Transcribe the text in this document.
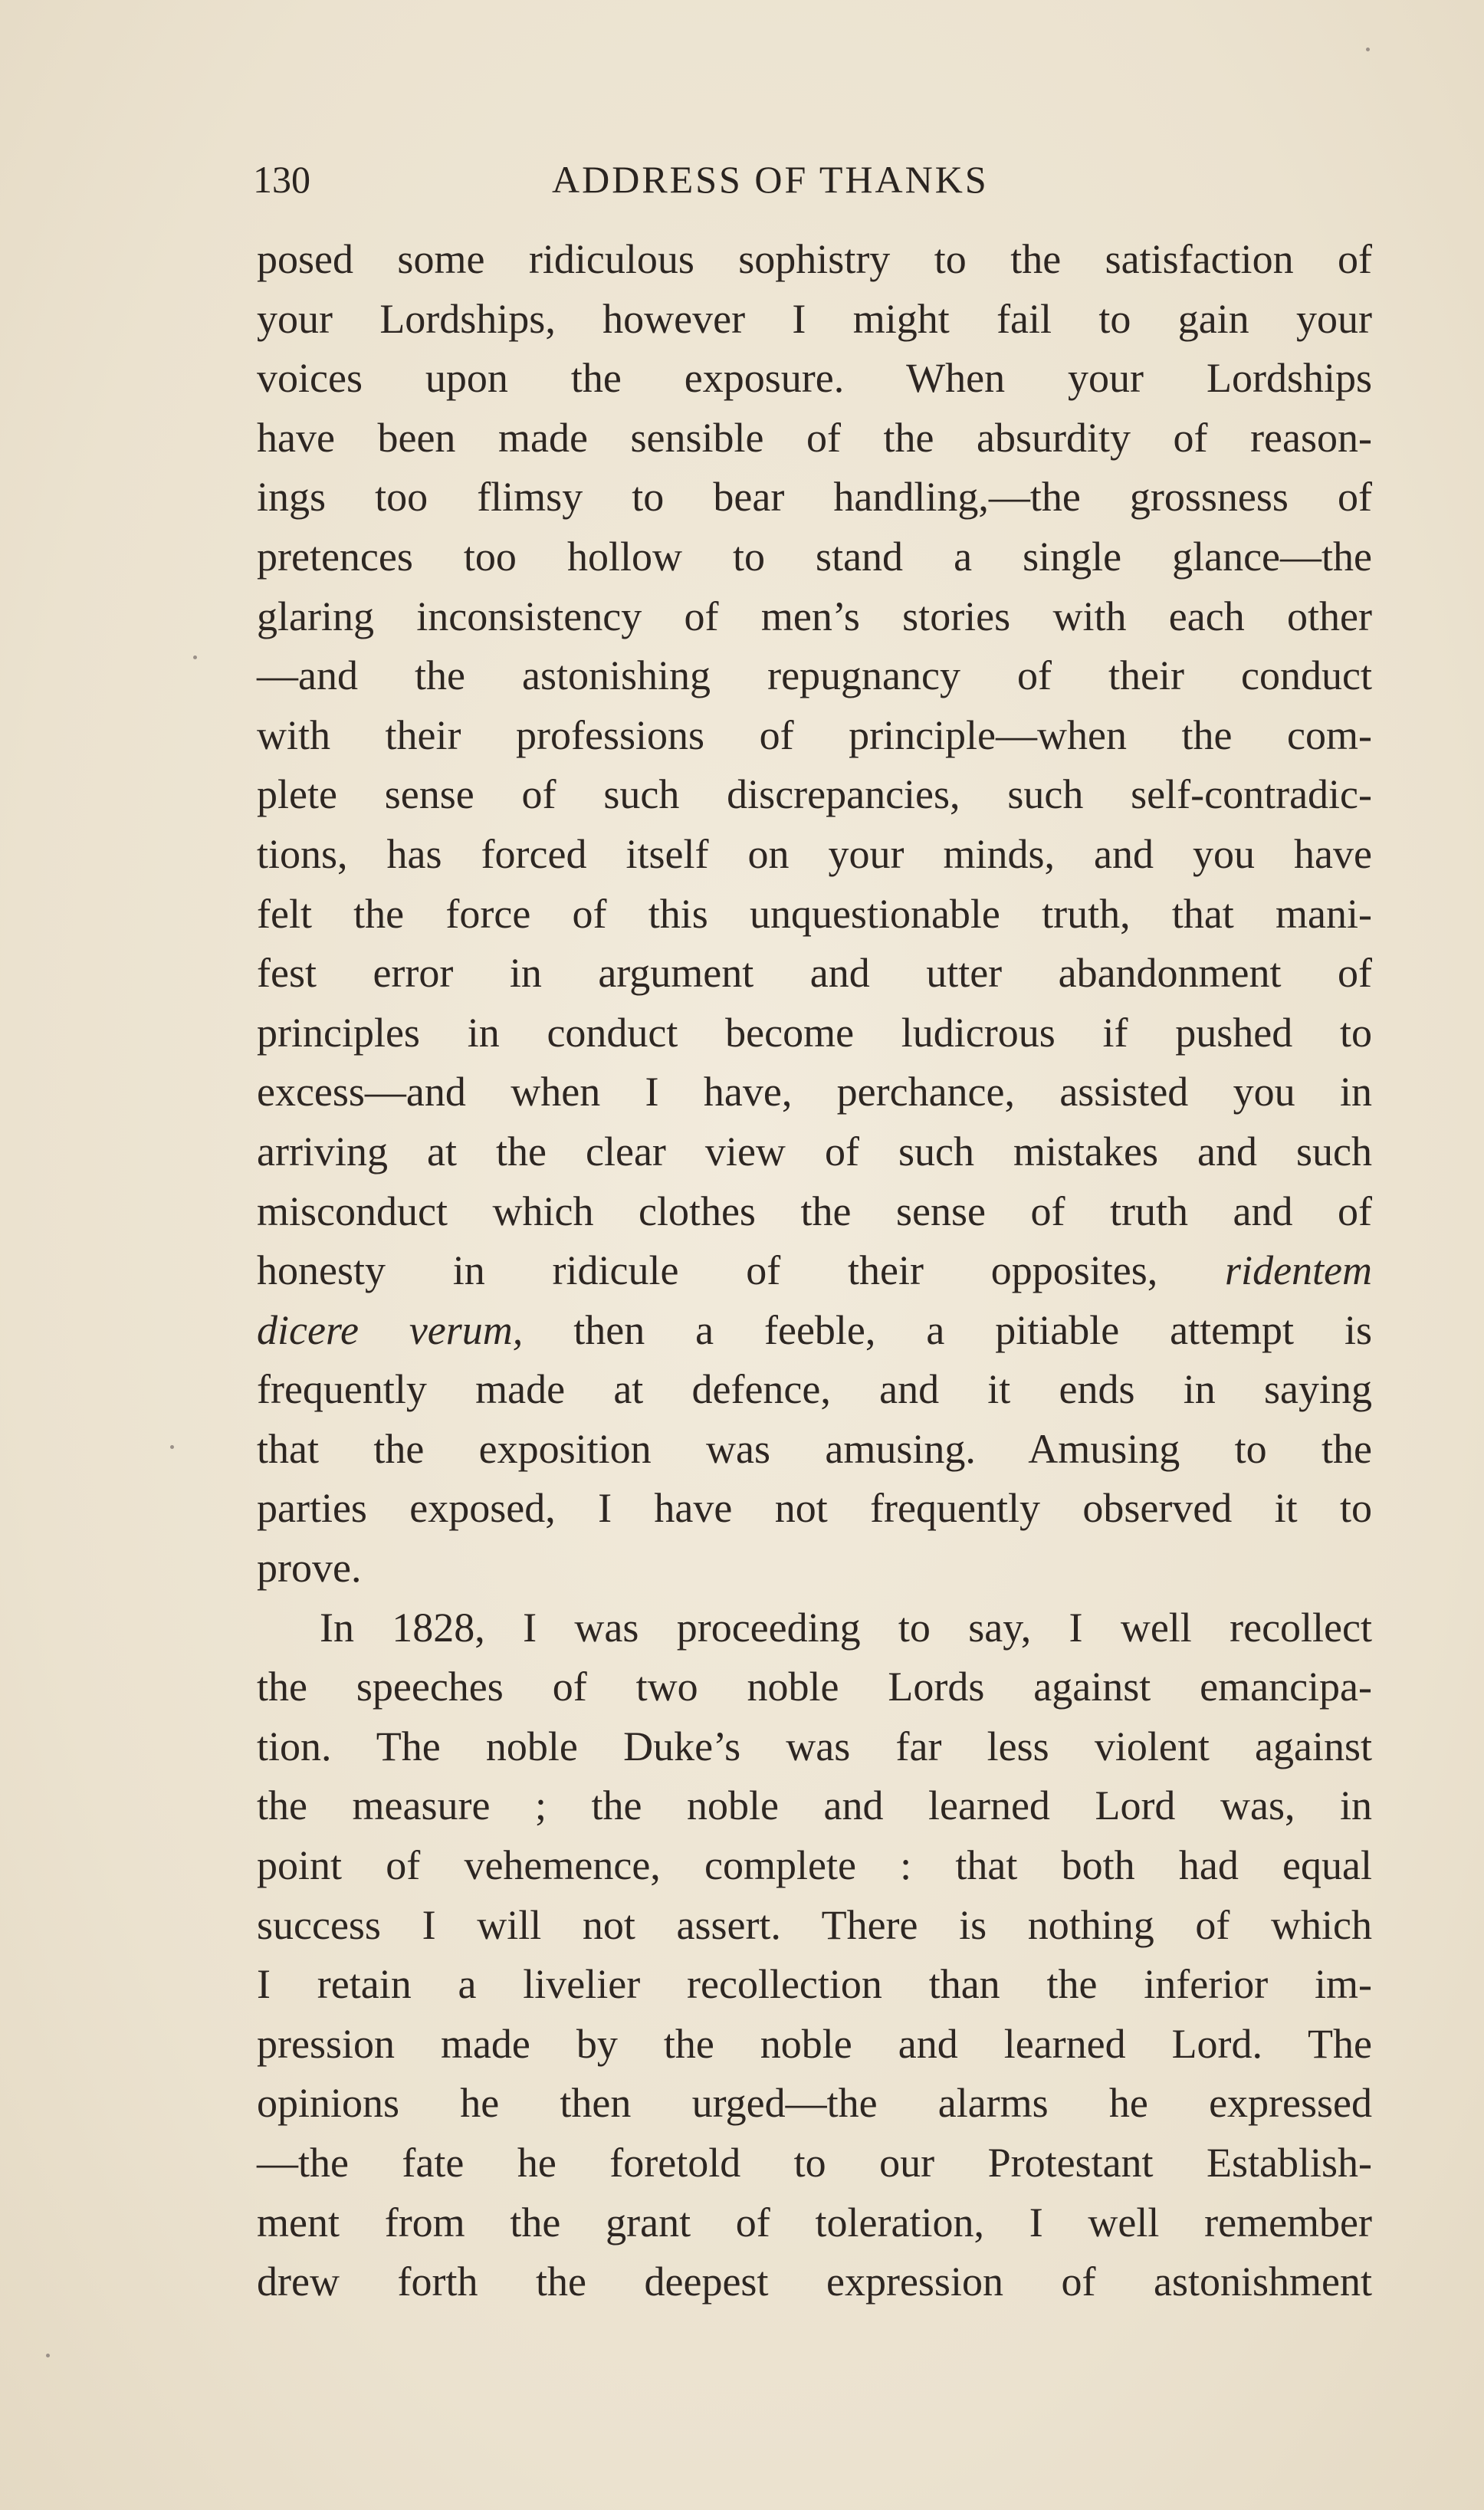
130	ADDRESS OF THANKS
posed some ridiculous sophistry to the satisfaction of
your Lordships, however I might fail to gain your
voices upon the exposure. When your Lordships
have been made sensible of the absurdity of reason-
ings too flimsy to bear handling,—the grossness of
pretences too hollow to stand a single glance—the
glaring inconsistency of men’s stories with each other
—and the astonishing repugnancy of their conduct
with their professions of principle—when the com-
plete sense of such discrepancies, such self-contradic-
tions, has forced itself on your minds, and you have
felt the force of this unquestionable truth, that mani-
fest error in argument and utter abandonment of
principles in conduct become ludicrous if pushed to
excess—and when I have, perchance, assisted you in
arriving at the clear view of such mistakes and such
misconduct which clothes the sense of truth and of
honesty in ridicule of their opposites, ridentem
dicere verum, then a feeble, a pitiable attempt is
frequently made at defence, and it ends in saying
that the exposition was amusing. Amusing to the
parties exposed, I have not frequently observed it to
prove.
In 1828, I was proceeding to say, I well recollect
the speeches of two noble Lords against emancipa-
tion. The noble Duke’s was far less violent against
the measure ; the noble and learned Lord was, in
point of vehemence, complete : that both had equal
success I will not assert. There is nothing of which
I retain a livelier recollection than the inferior im-
pression made by the noble and learned Lord. The
opinions he then urged—the alarms he expressed
—the fate he foretold to our Protestant Establish-
ment from the grant of toleration, I well remember
drew forth the deepest expression of astonishment
